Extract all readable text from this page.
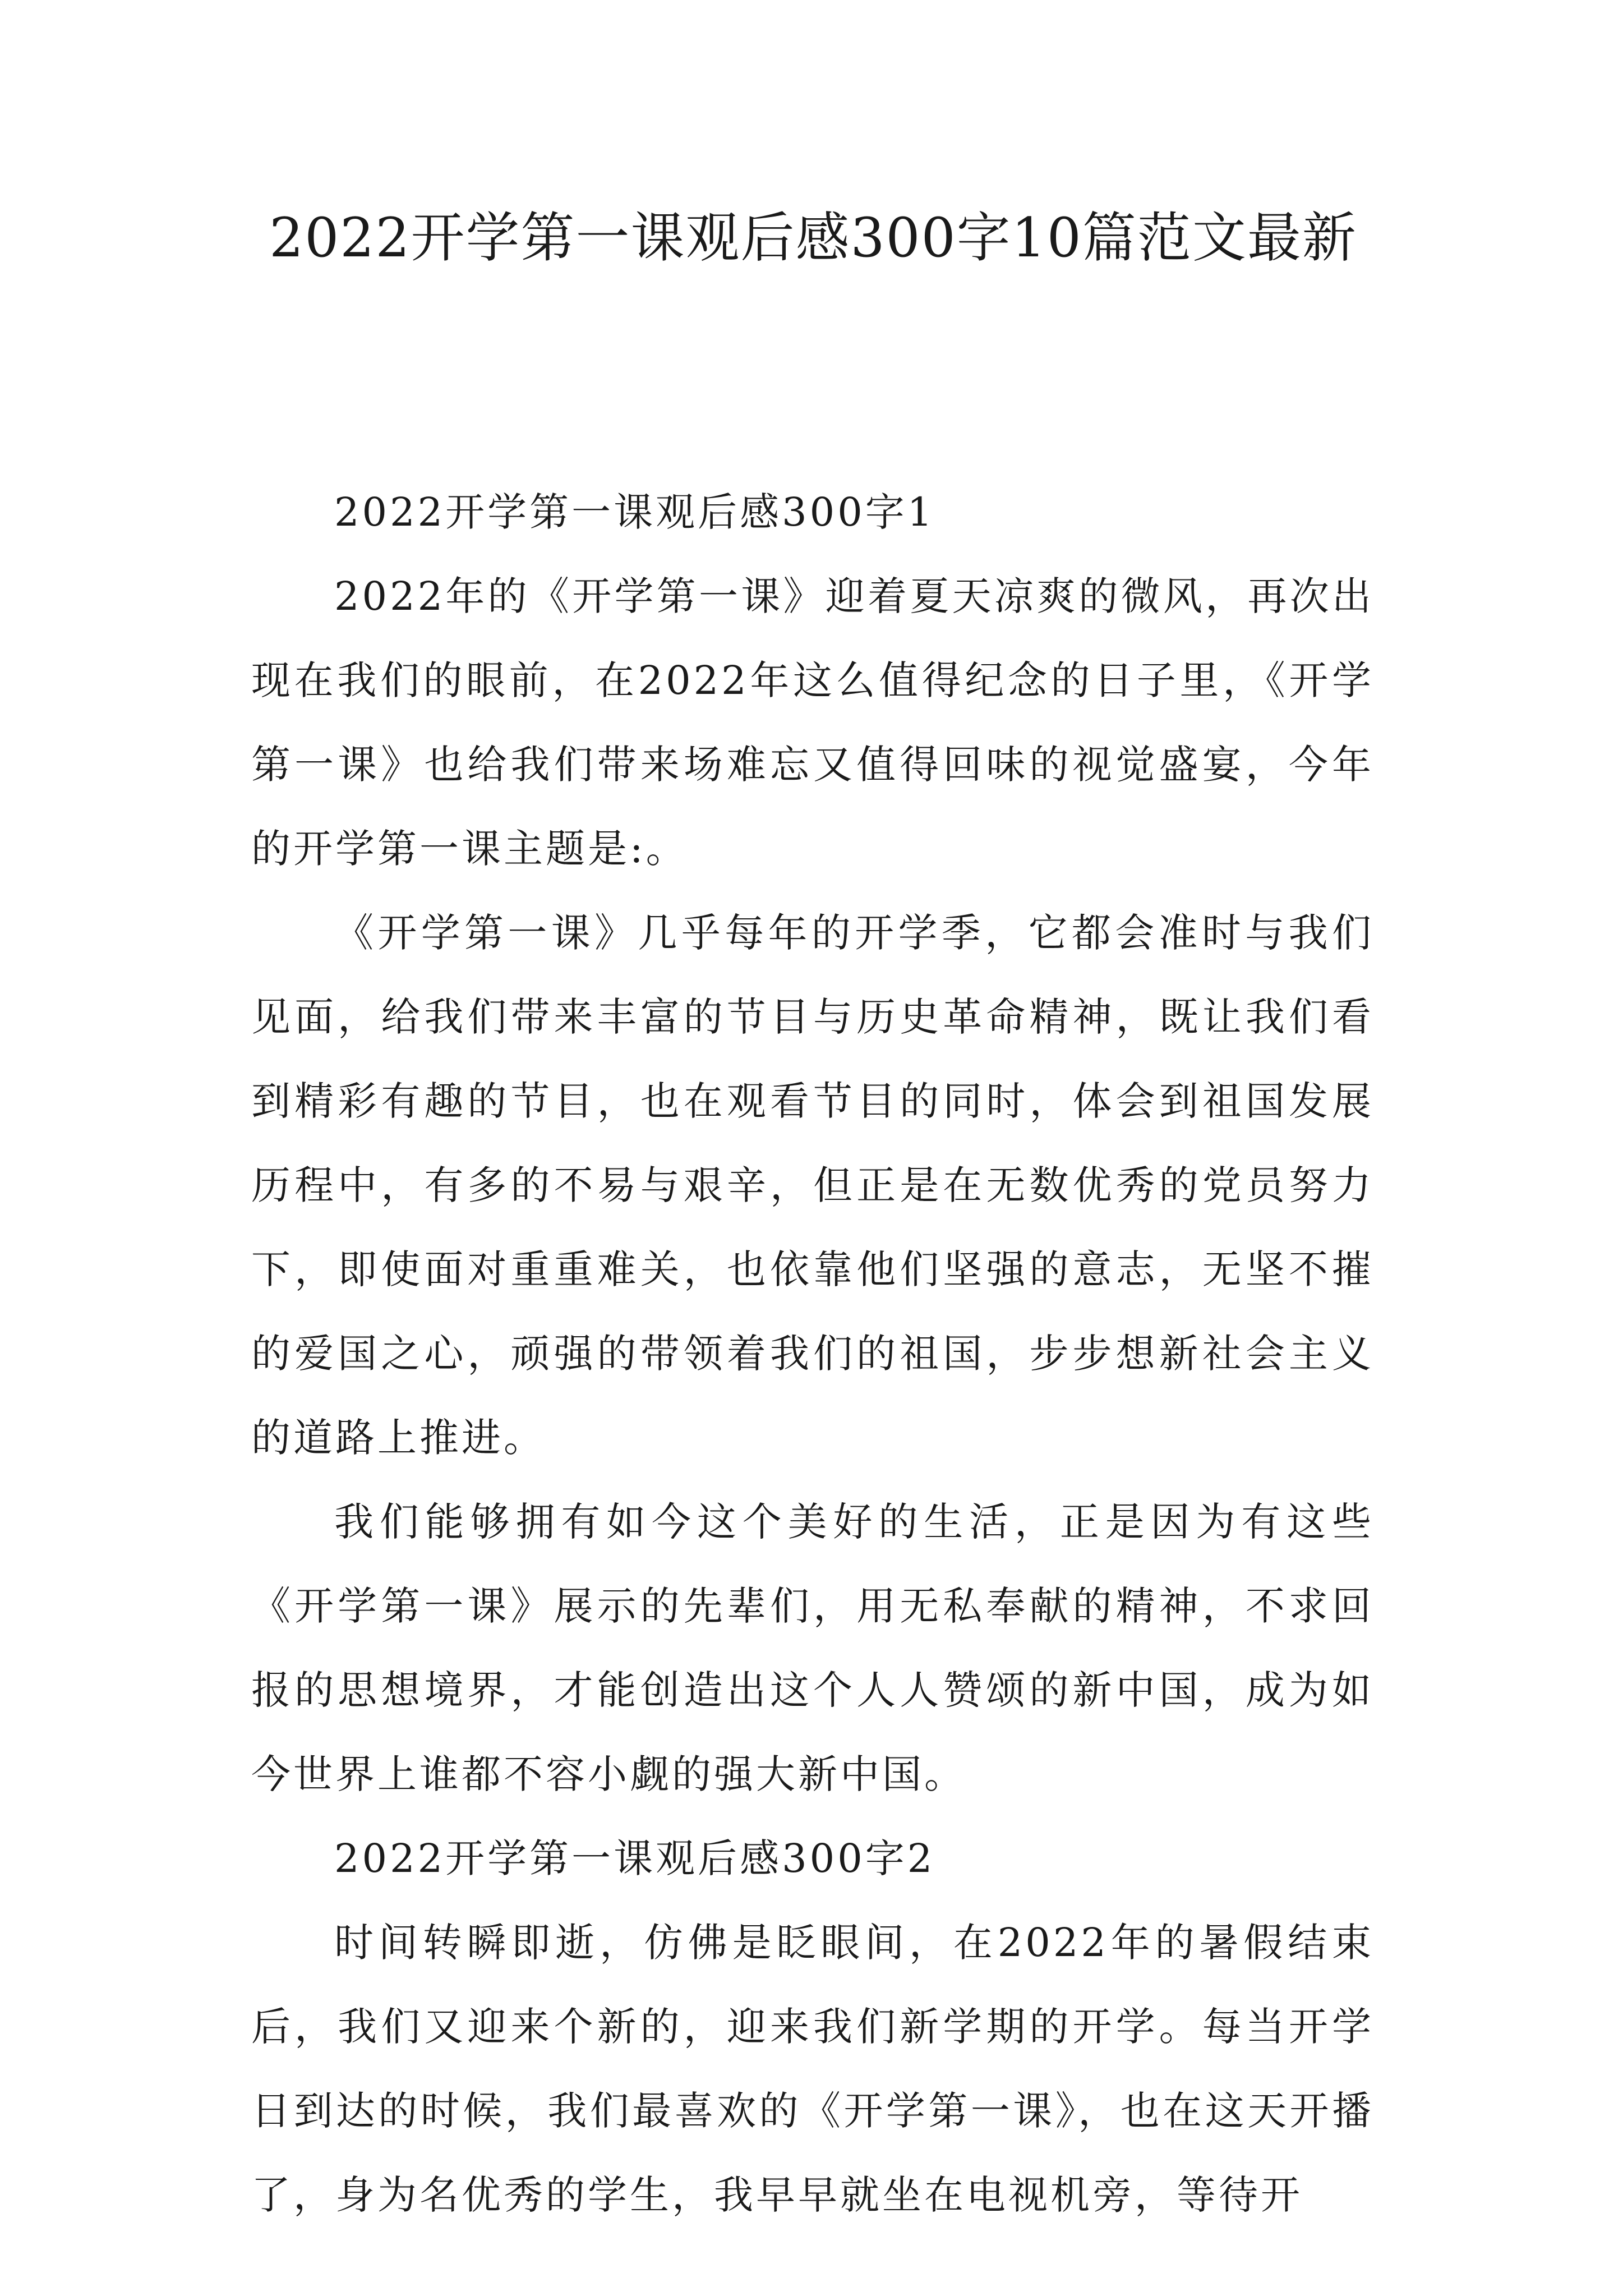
2022开学第一课观后感300字10篇范文最新

2022开学第一课观后感300字1

2022年的《开学第一课》迎着夏天凉爽的微风，再次出现在我们的眼前，在2022年这么值得纪念的日子里，《开学第一课》也给我们带来场难忘又值得回味的视觉盛宴，今年的开学第一课主题是:。

《开学第一课》几乎每年的开学季，它都会准时与我们见面，给我们带来丰富的节目与历史革命精神，既让我们看到精彩有趣的节目，也在观看节目的同时，体会到祖国发展历程中，有多的不易与艰辛，但正是在无数优秀的党员努力下，即使面对重重难关，也依靠他们坚强的意志，无坚不摧的爱国之心，顽强的带领着我们的祖国，步步想新社会主义的道路上推进。

我们能够拥有如今这个美好的生活，正是因为有这些《开学第一课》展示的先辈们，用无私奉献的精神，不求回报的思想境界，才能创造出这个人人赞颂的新中国，成为如今世界上谁都不容小觑的强大新中国。

2022开学第一课观后感300字2

时间转瞬即逝，仿佛是眨眼间，在2022年的暑假结束后，我们又迎来个新的，迎来我们新学期的开学。每当开学日到达的时候，我们最喜欢的《开学第一课》，也在这天开播了，身为名优秀的学生，我早早就坐在电视机旁，等待开
